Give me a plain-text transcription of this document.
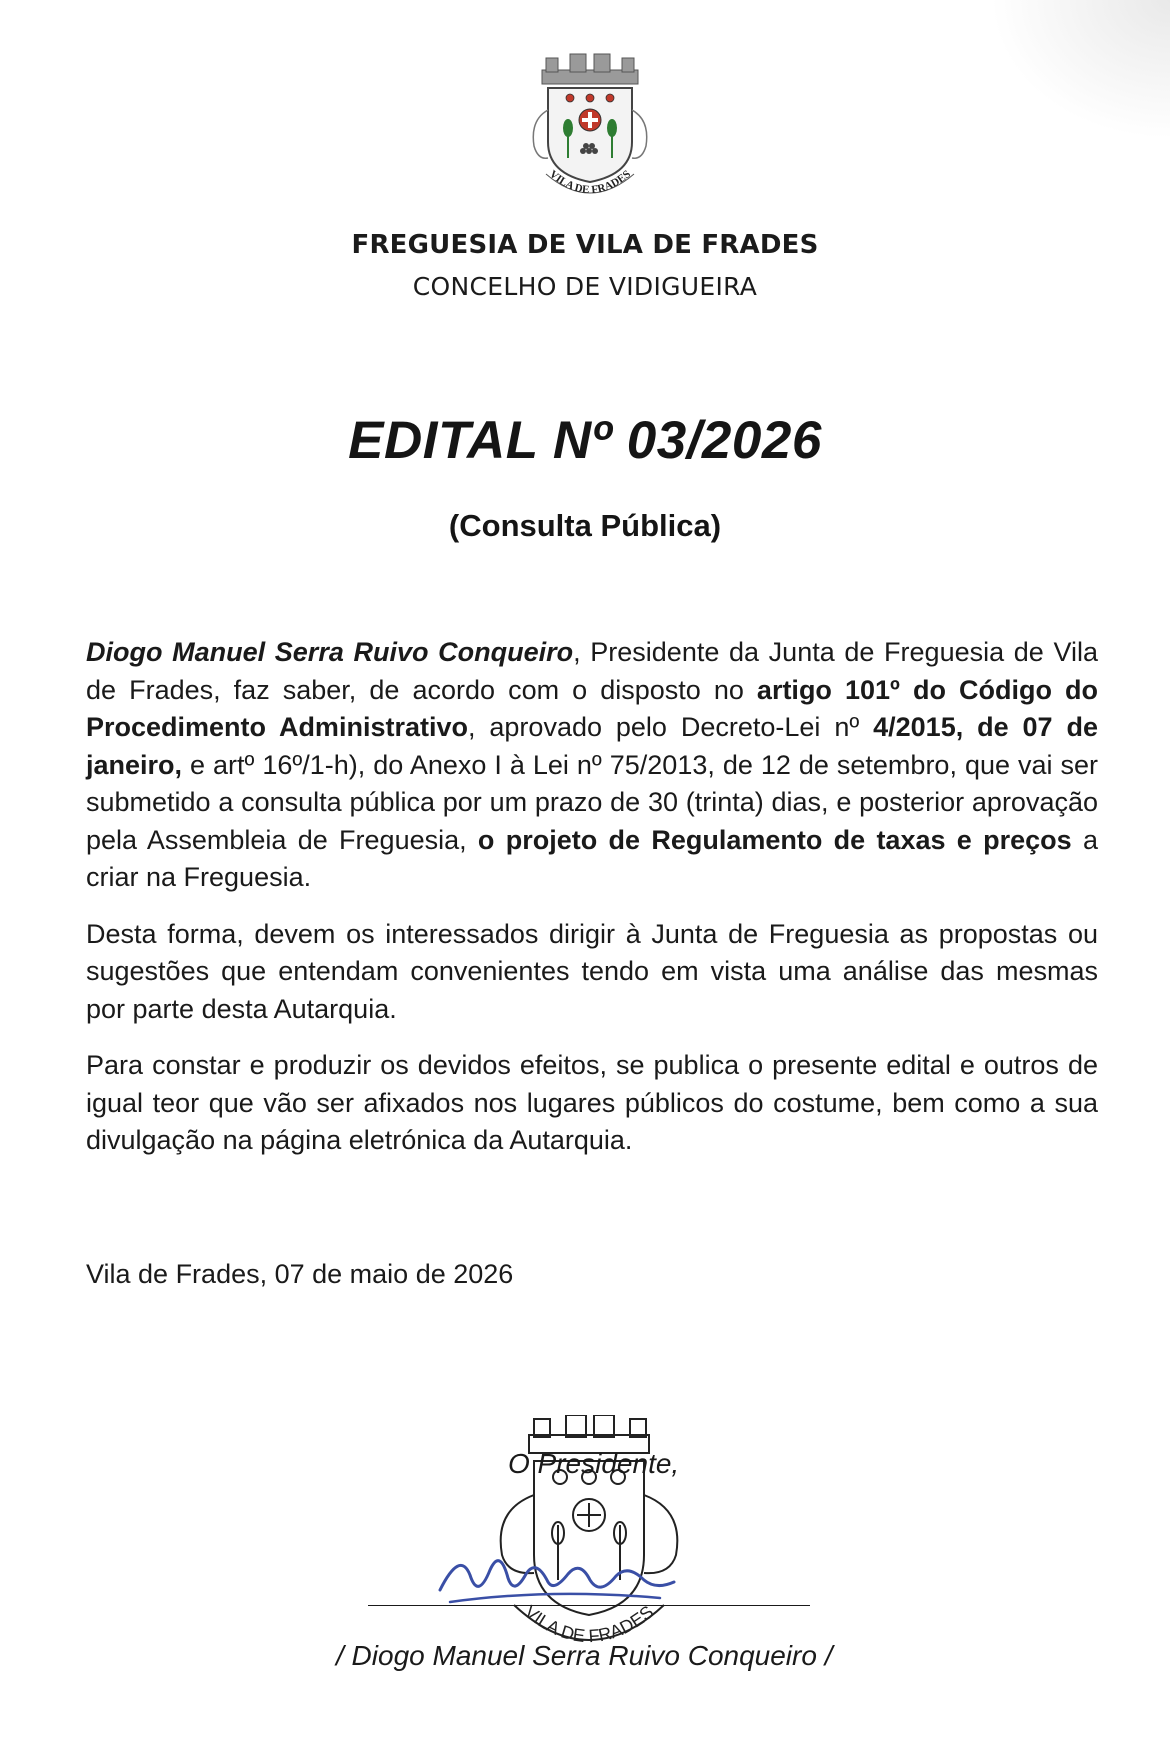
VILA DE FRADES
FREGUESIA DE VILA DE FRADES
CONCELHO DE VIDIGUEIRA
EDITAL Nº 03/2026
(Consulta Pública)

Diogo Manuel Serra Ruivo Conqueiro, Presidente da Junta de Freguesia de Vila de Frades, faz saber, de acordo com o disposto no artigo 101º do Código do Procedimento Administrativo, aprovado pelo Decreto-Lei nº 4/2015, de 07 de janeiro, e artº 16º/1-h), do Anexo I à Lei nº 75/2013, de 12 de setembro, que vai ser submetido a consulta pública por um prazo de 30 (trinta) dias, e posterior aprovação pela Assembleia de Freguesia, o projeto de Regulamento de taxas e preços a criar na Freguesia.

Desta forma, devem os interessados dirigir à Junta de Freguesia as propostas ou sugestões que entendam convenientes tendo em vista uma análise das mesmas por parte desta Autarquia.

Para constar e produzir os devidos efeitos, se publica o presente edital e outros de igual teor que vão ser afixados nos lugares públicos do costume, bem como a sua divulgação na página eletrónica da Autarquia.

Vila de Frades, 07 de maio de 2026
VILA DE FRADES
O Presidente,
/ Diogo Manuel Serra Ruivo Conqueiro /
